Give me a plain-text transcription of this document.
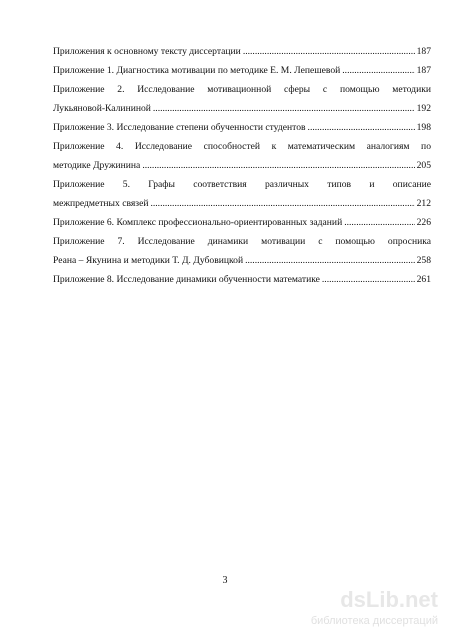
Приложения к основному тексту диссертации .....	187
Приложение 1. Диагностика мотивации по методике Е. М. Лепешевой .....	187
Приложение 2. Исследование мотивационной сферы с помощью методики
Лукьяновой-Калининой .....	192
Приложение 3. Исследование степени обученности студентов .....	198
Приложение 4. Исследование способностей к математическим аналогиям по
методике Дружинина .....	205
Приложение 5. Графы соответствия различных типов и описание
межпредметных связей .....	212
Приложение 6. Комплекс профессионально-ориентированных заданий .....	226
Приложение 7. Исследование динамики мотивации с помощью опросника
Реана – Якунина и методики Т. Д. Дубовицкой .....	258
Приложение 8. Исследование динамики обученности математике .....	261
3
dsLib.net
библиотека диссертаций
